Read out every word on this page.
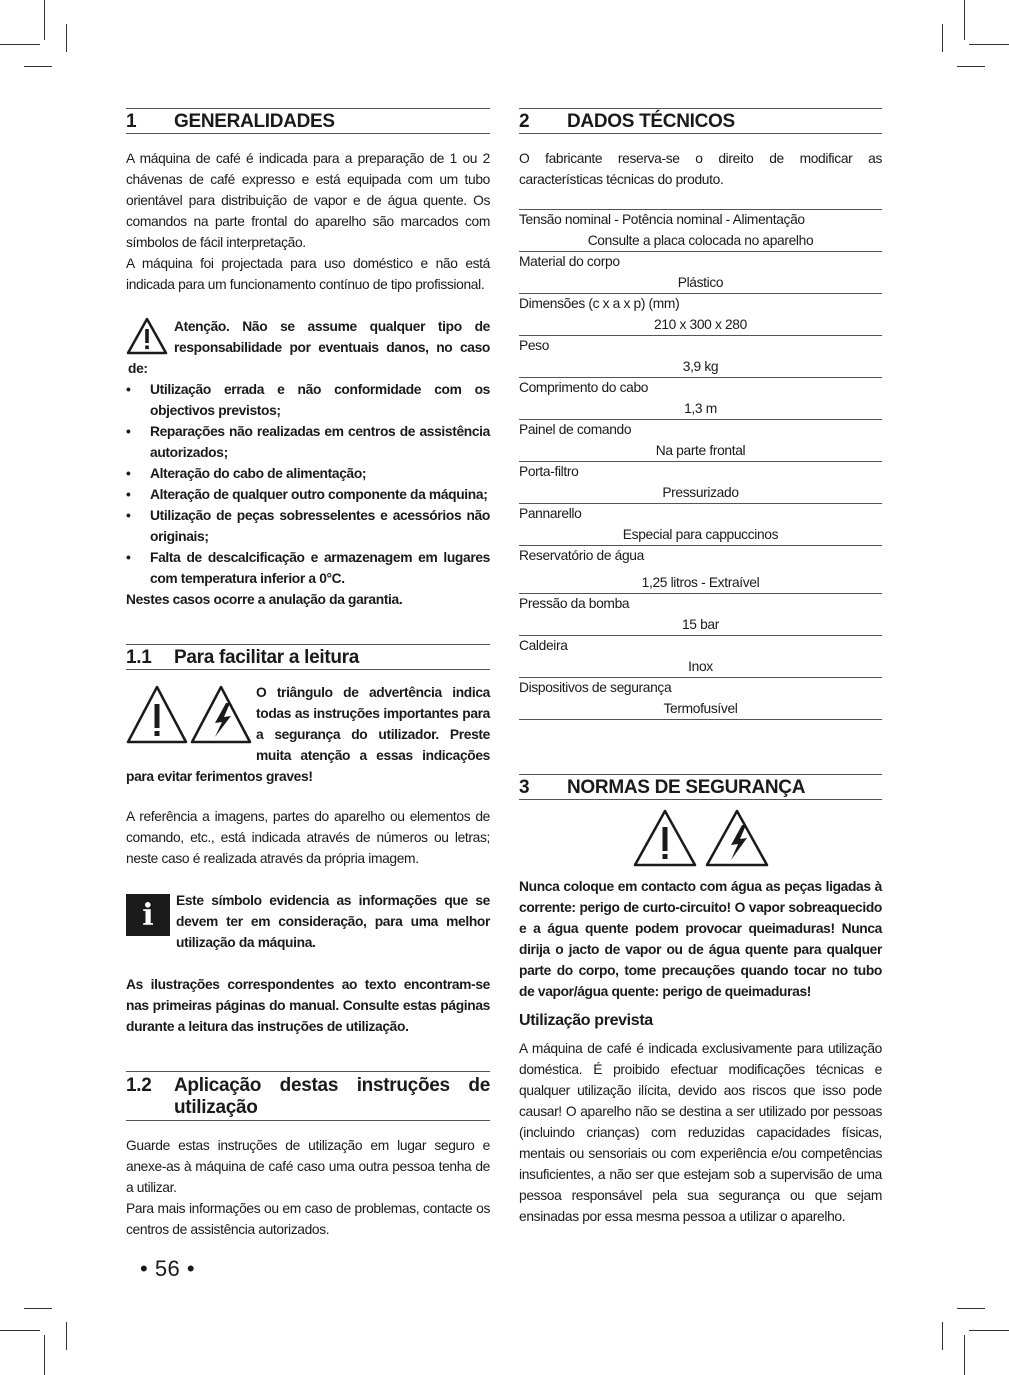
1	GENERALIDADES

A máquina de café é indicada para a preparação de 1 ou 2 chávenas de café expresso e está equipada com um tubo orientável para distribuição de vapor e de água quente. Os comandos na parte frontal do aparelho são marcados com símbolos de fácil interpretação.

A máquina foi projectada para uso doméstico e não está indicada para um funcionamento contínuo de tipo profissional.

Atenção. Não se assume qualquer tipo de responsabilidade por eventuais danos, no caso de:

• Utilização errada e não conformidade com os objectivos previstos;
• Reparações não realizadas em centros de assistência autorizados;
• Alteração do cabo de alimentação;
• Alteração de qualquer outro componente da máquina;
• Utilização de peças sobresselentes e acessórios não originais;
• Falta de descalcificação e armazenagem em lugares com temperatura inferior a 0°C.

Nestes casos ocorre a anulação da garantia.

1.1	Para facilitar a leitura

O triângulo de advertência indica todas as instruções importantes para a segurança do utilizador. Preste muita atenção a essas indicações para evitar ferimentos graves!

A referência a imagens, partes do aparelho ou elementos de comando, etc., está indicada através de números ou letras; neste caso é realizada através da própria imagem.

i	Este símbolo evidencia as informações que se devem ter em consideração, para uma melhor utilização da máquina.

As ilustrações correspondentes ao texto encontram-se nas primeiras páginas do manual. Consulte estas páginas durante a leitura das instruções de utilização.

1.2	Aplicação destas instruções de utilização

Guarde estas instruções de utilização em lugar seguro e anexe-as à máquina de café caso uma outra pessoa tenha de a utilizar.

Para mais informações ou em caso de problemas, contacte os centros de assistência autorizados.

2	DADOS TÉCNICOS

O fabricante reserva-se o direito de modificar as características técnicas do produto.

Tensão nominal - Potência nominal - Alimentação
Consulte a placa colocada no aparelho
Material do corpo
Plástico
Dimensões (c x a x p) (mm)
210 x 300 x 280
Peso
3,9 kg
Comprimento do cabo
1,3 m
Painel de comando
Na parte frontal
Porta-filtro
Pressurizado
Pannarello
Especial para cappuccinos
Reservatório de água
1,25 litros - Extraível
Pressão da bomba
15 bar
Caldeira
Inox
Dispositivos de segurança
Termofusível
3	NORMAS DE SEGURANÇA

Nunca coloque em contacto com água as peças ligadas à corrente: perigo de curto-circuito! O vapor sobreaquecido e a água quente podem provocar queimaduras! Nunca dirija o jacto de vapor ou de água quente para qualquer parte do corpo, tome precauções quando tocar no tubo de vapor/água quente: perigo de queimaduras!

Utilização prevista

A máquina de café é indicada exclusivamente para utilização doméstica. É proibido efectuar modificações técnicas e qualquer utilização ilícita, devido aos riscos que isso pode causar! O aparelho não se destina a ser utilizado por pessoas (incluindo crianças) com reduzidas capacidades físicas, mentais ou sensoriais ou com experiência e/ou competências insuficientes, a não ser que estejam sob a supervisão de uma pessoa responsável pela sua segurança ou que sejam ensinadas por essa mesma pessoa a utilizar o aparelho.

• 56 •
